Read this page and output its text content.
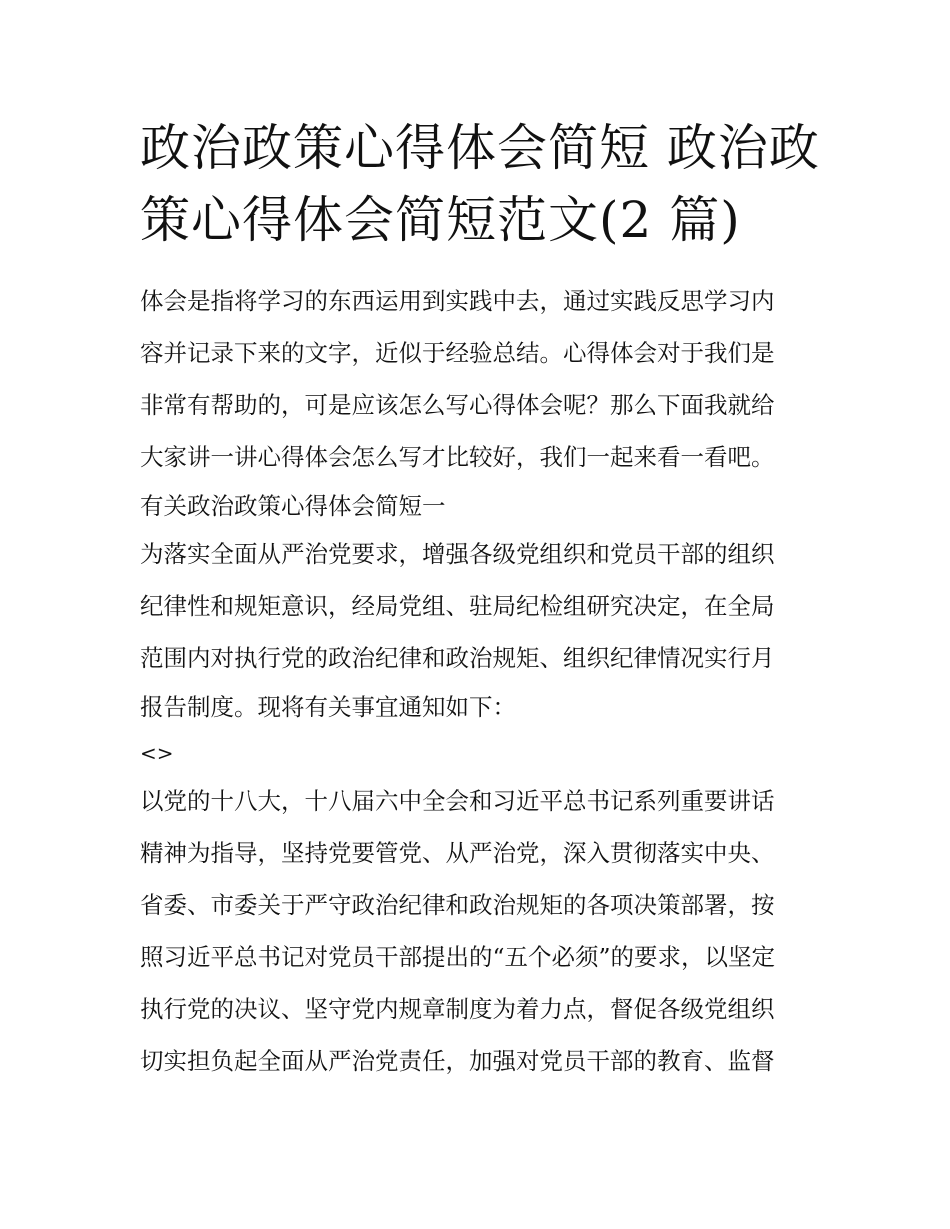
政治政策心得体会简短 政治政
策心得体会简短范文(2 篇)

体会是指将学习的东西运用到实践中去，通过实践反思学习内

容并记录下来的文字，近似于经验总结。心得体会对于我们是

非常有帮助的，可是应该怎么写心得体会呢？那么下面我就给

大家讲一讲心得体会怎么写才比较好，我们一起来看一看吧。

有关政治政策心得体会简短一

为落实全面从严治党要求，增强各级党组织和党员干部的组织

纪律性和规矩意识，经局党组、驻局纪检组研究决定，在全局

范围内对执行党的政治纪律和政治规矩、组织纪律情况实行月

报告制度。现将有关事宜通知如下：

<>

以党的十八大，十八届六中全会和习近平总书记系列重要讲话

精神为指导，坚持党要管党、从严治党，深入贯彻落实中央、

省委、市委关于严守政治纪律和政治规矩的各项决策部署，按

照习近平总书记对党员干部提出的“五个必须”的要求，以坚定

执行党的决议、坚守党内规章制度为着力点，督促各级党组织

切实担负起全面从严治党责任，加强对党员干部的教育、监督
